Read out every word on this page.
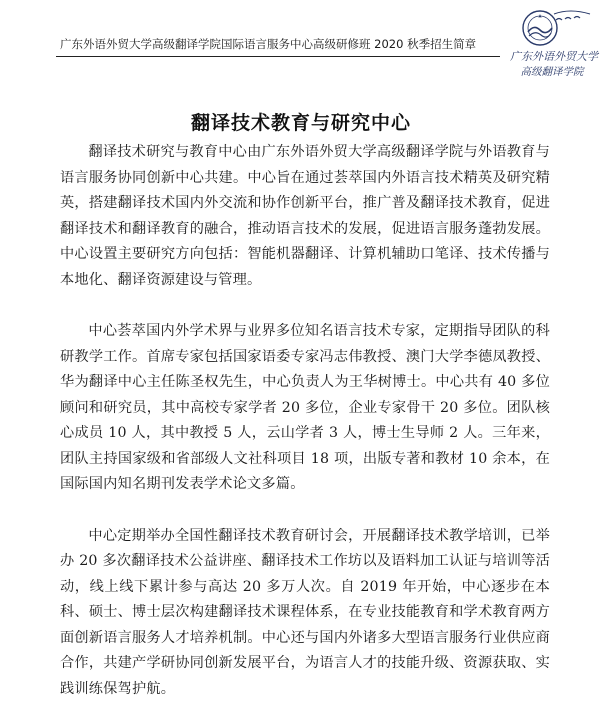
广东外语外贸大学高级翻译学院国际语言服务中心高级研修班 2020 秋季招生简章
广东外语外贸大学
高级翻译学院
翻译技术教育与研究中心

翻译技术研究与教育中心由广东外语外贸大学高级翻译学院与外语教育与语言服务协同创新中心共建。中心旨在通过荟萃国内外语言技术精英及研究精英，搭建翻译技术国内外交流和协作创新平台，推广普及翻译技术教育，促进翻译技术和翻译教育的融合，推动语言技术的发展，促进语言服务蓬勃发展。中心设置主要研究方向包括：智能机器翻译、计算机辅助口笔译、技术传播与本地化、翻译资源建设与管理。

中心荟萃国内外学术界与业界多位知名语言技术专家，定期指导团队的科研教学工作。首席专家包括国家语委专家冯志伟教授、澳门大学李德凤教授、华为翻译中心主任陈圣权先生，中心负责人为王华树博士。中心共有 40 多位顾问和研究员，其中高校专家学者 20 多位，企业专家骨干 20 多位。团队核心成员 10 人，其中教授 5 人，云山学者 3 人，博士生导师 2 人。三年来，团队主持国家级和省部级人文社科项目 18 项，出版专著和教材 10 余本，在国际国内知名期刊发表学术论文多篇。

中心定期举办全国性翻译技术教育研讨会，开展翻译技术教学培训，已举办 20 多次翻译技术公益讲座、翻译技术工作坊以及语料加工认证与培训等活动，线上线下累计参与高达 20 多万人次。自 2019 年开始，中心逐步在本科、硕士、博士层次构建翻译技术课程体系，在专业技能教育和学术教育两方面创新语言服务人才培养机制。中心还与国内外诸多大型语言服务行业供应商合作，共建产学研协同创新发展平台，为语言人才的技能升级、资源获取、实践训练保驾护航。
